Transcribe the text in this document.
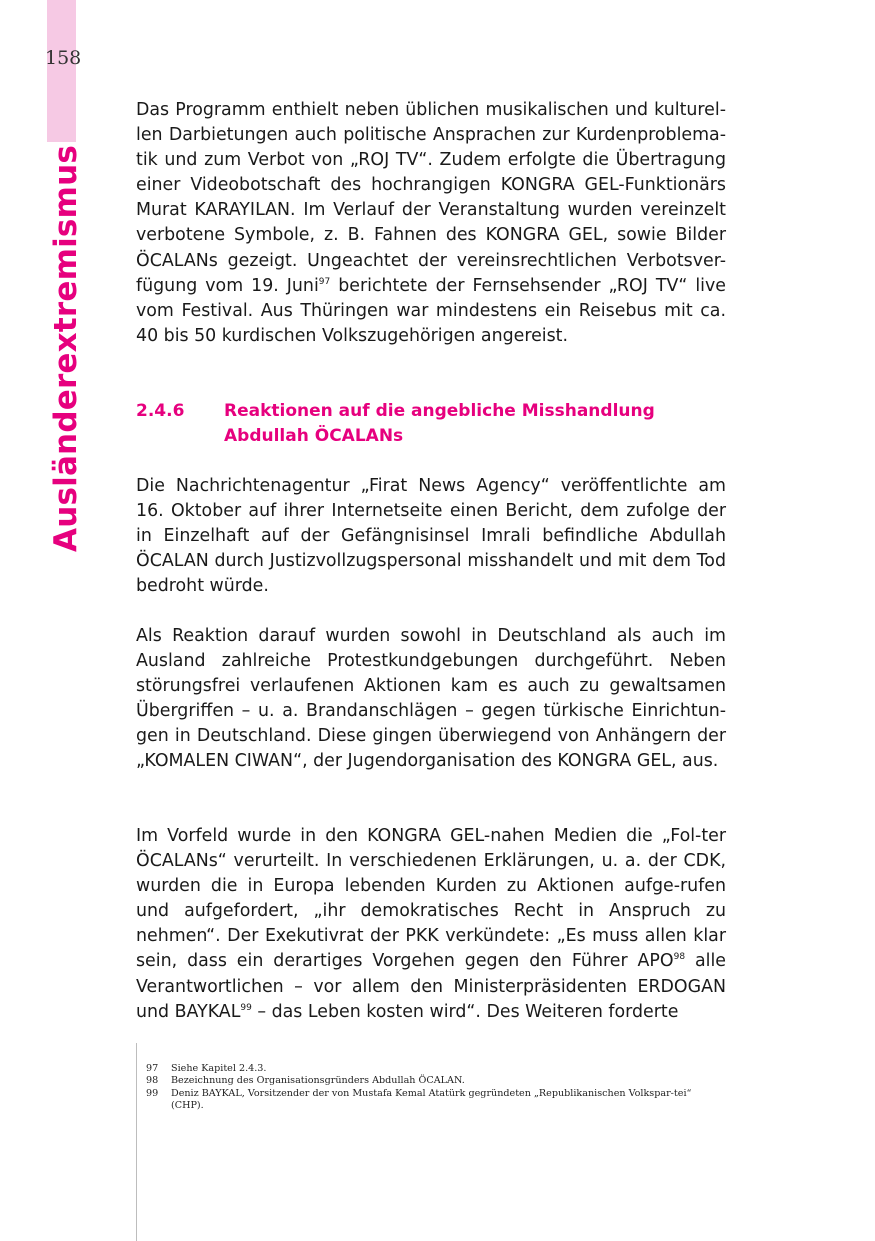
158
Ausländerextremismus
Das Programm enthielt neben üblichen musikalischen und kulturel-len Darbietungen auch politische Ansprachen zur Kurdenproblema-tik und zum Verbot von „ROJ TV“. Zudem erfolgte die Übertragung einer Videobotschaft des hochrangigen KONGRA GEL-Funktionärs Murat KARAYILAN. Im Verlauf der Veranstaltung wurden vereinzelt verbotene Symbole, z. B. Fahnen des KONGRA GEL, sowie Bilder ÖCALANs gezeigt. Ungeachtet der vereinsrechtlichen Verbotsver-fügung vom 19. Juni$^{97}$ berichtete der Fernsehsender „ROJ TV“ live vom Festival. Aus Thüringen war mindestens ein Reisebus mit ca. 40 bis 50 kurdischen Volkszugehörigen angereist.
2.4.6 Reaktionen auf die angebliche Misshandlung
Abdullah ÖCALANs
Die Nachrichtenagentur „Firat News Agency“ veröffentlichte am 16. Oktober auf ihrer Internetseite einen Bericht, dem zufolge der in Einzelhaft auf der Gefängnisinsel Imrali befindliche Abdullah ÖCALAN durch Justizvollzugspersonal misshandelt und mit dem Tod bedroht würde.
Als Reaktion darauf wurden sowohl in Deutschland als auch im Ausland zahlreiche Protestkundgebungen durchgeführt. Neben störungsfrei verlaufenen Aktionen kam es auch zu gewaltsamen Übergriffen – u. a. Brandanschlägen – gegen türkische Einrichtun-gen in Deutschland. Diese gingen überwiegend von Anhängern der „KOMALEN CIWAN“, der Jugendorganisation des KONGRA GEL, aus.
Im Vorfeld wurde in den KONGRA GEL-nahen Medien die „Fol-ter ÖCALANs“ verurteilt. In verschiedenen Erklärungen, u. a. der CDK, wurden die in Europa lebenden Kurden zu Aktionen aufge-rufen und aufgefordert, „ihr demokratisches Recht in Anspruch zu nehmen“. Der Exekutivrat der PKK verkündete: „Es muss allen klar sein, dass ein derartiges Vorgehen gegen den Führer APO$^{98}$ alle Verantwortlichen – vor allem den Ministerpräsidenten ERDOGAN und BAYKAL$^{99}$ – das Leben kosten wird“. Des Weiteren forderte
97 Siehe Kapitel 2.4.3.
98 Bezeichnung des Organisationsgründers Abdullah ÖCALAN.
99 Deniz BAYKAL, Vorsitzender der von Mustafa Kemal Atatürk gegründeten „Republikanischen Volkspar-tei“ (CHP).
